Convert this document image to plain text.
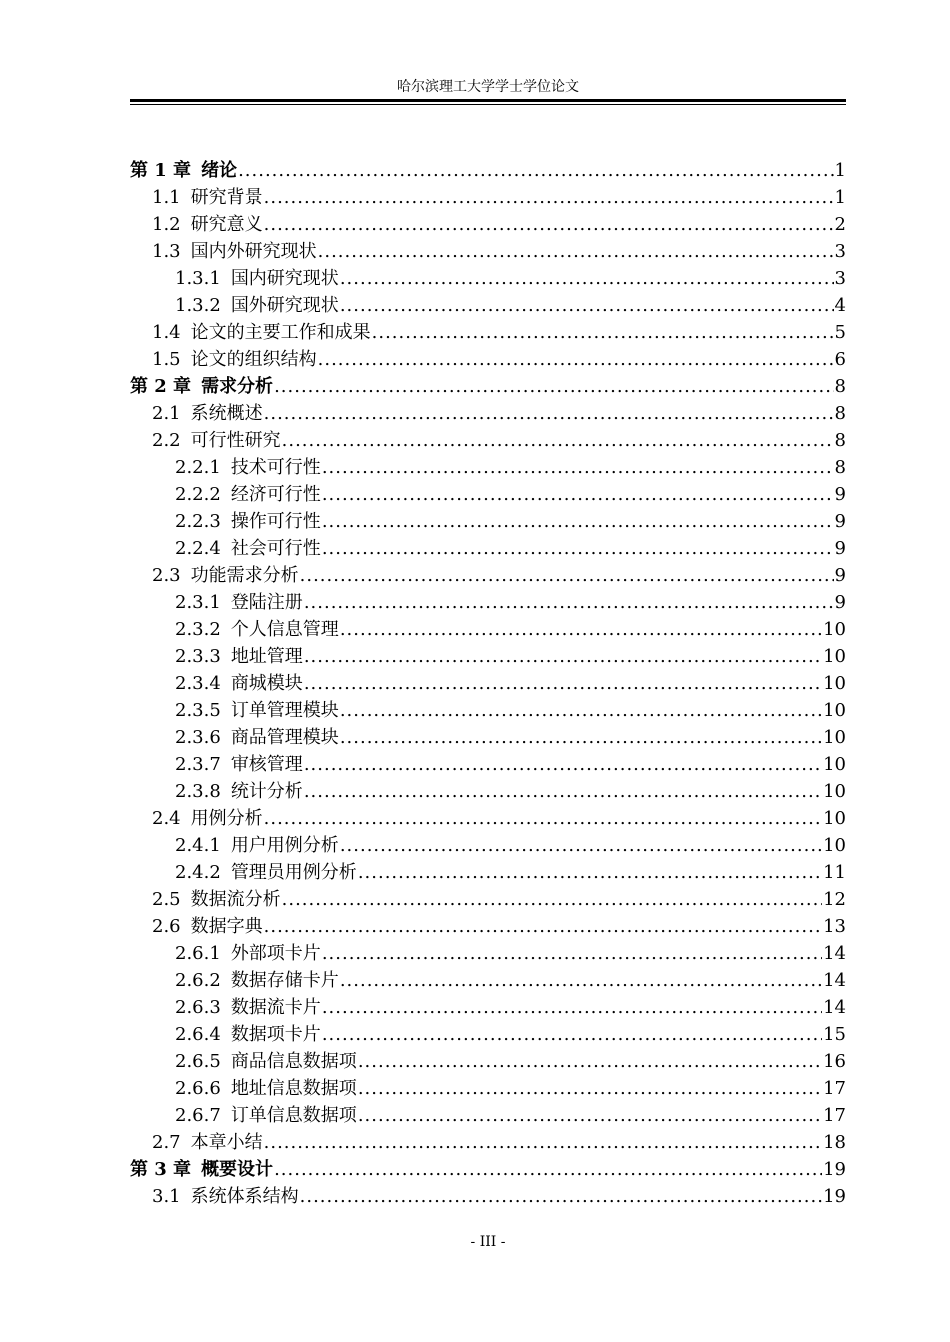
哈尔滨理工大学学士学位论文
第 1 章 绪论 .....	1
1.1 研究背景 .....	1
1.2 研究意义 .....	2
1.3 国内外研究现状 .....	3
1.3.1 国内研究现状 .....	3
1.3.2 国外研究现状 .....	4
1.4 论文的主要工作和成果 .....	5
1.5 论文的组织结构 .....	6
第 2 章 需求分析 .....	8
2.1 系统概述 .....	8
2.2 可行性研究 .....	8
2.2.1 技术可行性 .....	8
2.2.2 经济可行性 .....	9
2.2.3 操作可行性 .....	9
2.2.4 社会可行性 .....	9
2.3 功能需求分析 .....	9
2.3.1 登陆注册 .....	9
2.3.2 个人信息管理 .....	10
2.3.3 地址管理 .....	10
2.3.4 商城模块 .....	10
2.3.5 订单管理模块 .....	10
2.3.6 商品管理模块 .....	10
2.3.7 审核管理 .....	10
2.3.8 统计分析 .....	10
2.4 用例分析 .....	10
2.4.1 用户用例分析 .....	10
2.4.2 管理员用例分析 .....	11
2.5 数据流分析 .....	12
2.6 数据字典 .....	13
2.6.1 外部项卡片 .....	14
2.6.2 数据存储卡片 .....	14
2.6.3 数据流卡片 .....	14
2.6.4 数据项卡片 .....	15
2.6.5 商品信息数据项 .....	16
2.6.6 地址信息数据项 .....	17
2.6.7 订单信息数据项 .....	17
2.7 本章小结 .....	18
第 3 章 概要设计 .....	19
3.1 系统体系结构 .....	19
- III -
